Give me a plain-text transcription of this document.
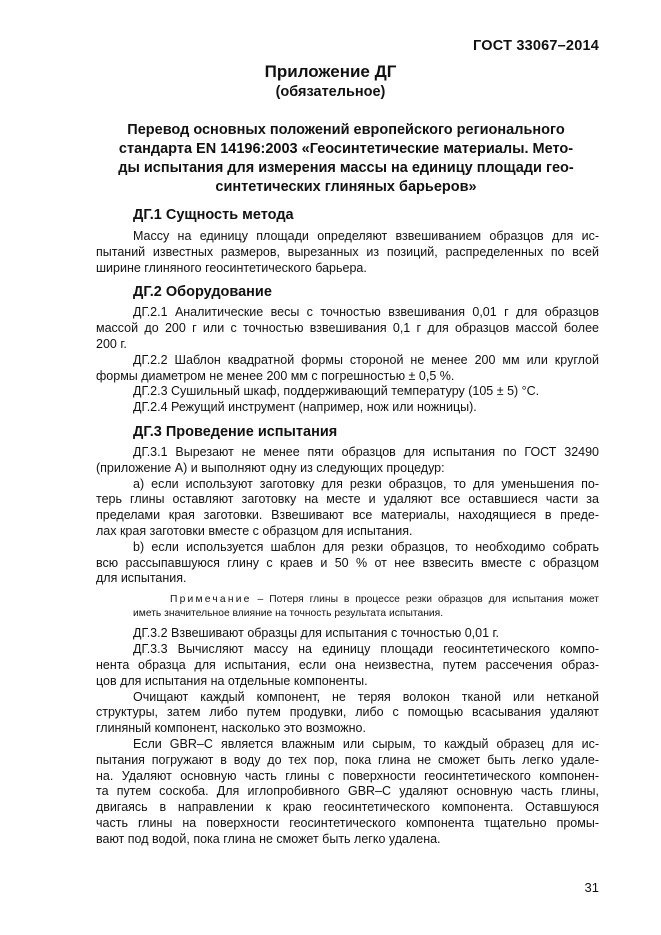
ГОСТ 33067–2014
Приложение ДГ
(обязательное)
Перевод основных положений европейского регионального
стандарта EN 14196:2003 «Геосинтетические материалы. Мето-
ды испытания для измерения массы на единицу площади гео-
синтетических глиняных барьеров»
ДГ.1 Сущность метода
Массу на единицу площади определяют взвешиванием образцов для ис-
пытаний известных размеров, вырезанных из позиций, распределенных по всей
ширине глиняного геосинтетического барьера.
ДГ.2 Оборудование
ДГ.2.1 Аналитические весы с точностью взвешивания 0,01 г для образцов
массой до 200 г или с точностью взвешивания 0,1 г для образцов массой более
200 г.
ДГ.2.2 Шаблон квадратной формы стороной не менее 200 мм или круглой
формы диаметром не менее 200 мм с погрешностью ± 0,5 %.
ДГ.2.3 Сушильный шкаф, поддерживающий температуру (105 ± 5) °С.
ДГ.2.4 Режущий инструмент (например, нож или ножницы).
ДГ.3 Проведение испытания
ДГ.3.1 Вырезают не менее пяти образцов для испытания по ГОСТ 32490
(приложение А) и выполняют одну из следующих процедур:
а) если используют заготовку для резки образцов, то для уменьшения по-
терь глины оставляют заготовку на месте и удаляют все оставшиеся части за
пределами края заготовки. Взвешивают все материалы, находящиеся в преде-
лах края заготовки вместе с образцом для испытания.
b) если используется шаблон для резки образцов, то необходимо собрать
всю рассыпавшуюся глину с краев и 50 % от нее взвесить вместе с образцом
для испытания.
Примечание – Потеря глины в процессе резки образцов для испытания может
иметь значительное влияние на точность результата испытания.
ДГ.3.2 Взвешивают образцы для испытания с точностью 0,01 г.
ДГ.3.3 Вычисляют массу на единицу площади геосинтетического компо-
нента образца для испытания, если она неизвестна, путем рассечения образ-
цов для испытания на отдельные компоненты.
Очищают каждый компонент, не теряя волокон тканой или нетканой
структуры, затем либо путем продувки, либо с помощью всасывания удаляют
глиняный компонент, насколько это возможно.
Если GBR–C является влажным или сырым, то каждый образец для ис-
пытания погружают в воду до тех пор, пока глина не сможет быть легко удале-
на. Удаляют основную часть глины с поверхности геосинтетического компонен-
та путем соскоба. Для иглопробивного GBR–C удаляют основную часть глины,
двигаясь в направлении к краю геосинтетического компонента. Оставшуюся
часть глины на поверхности геосинтетического компонента тщательно промы-
вают под водой, пока глина не сможет быть легко удалена.
31
